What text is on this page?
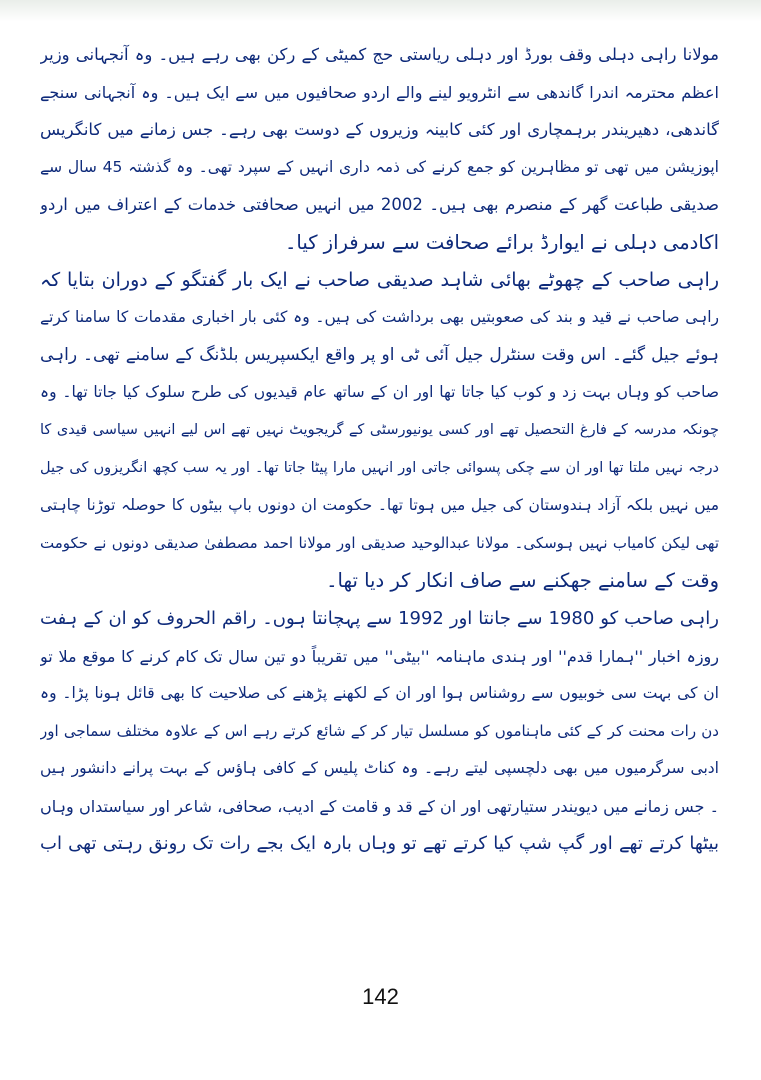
مولانا راہی دہلی وقف بورڈ اور دہلی ریاستی حج کمیٹی کے رکن بھی رہے ہیں۔ وہ آنجہانی وزیر
اعظم محترمہ اندرا گاندھی سے انٹرویو لینے والے اردو صحافیوں میں سے ایک ہیں۔ وہ آنجہانی سنجے
گاندھی، دھیریندر برہمچاری اور کئی کابینہ وزیروں کے دوست بھی رہے۔ جس زمانے میں کانگریس
اپوزیشن میں تھی تو مظاہرین کو جمع کرنے کی ذمہ داری انہیں کے سپرد تھی۔ وہ گذشتہ 45 سال سے
صدیقی طباعت گھر کے منصرم بھی ہیں۔ 2002 میں انہیں صحافتی خدمات کے اعتراف میں اردو
اکادمی دہلی نے ایوارڈ برائے صحافت سے سرفراز کیا۔
راہی صاحب کے چھوٹے بھائی شاہد صدیقی صاحب نے ایک بار گفتگو کے دوران بتایا کہ
راہی صاحب نے قید و بند کی صعوبتیں بھی برداشت کی ہیں۔ وہ کئی بار اخباری مقدمات کا سامنا کرتے
ہوئے جیل گئے۔ اس وقت سنٹرل جیل آئی ٹی او پر واقع ایکسپریس بلڈنگ کے سامنے تھی۔ راہی
صاحب کو وہاں بہت زد و کوب کیا جاتا تھا اور ان کے ساتھ عام قیدیوں کی طرح سلوک کیا جاتا تھا۔ وہ
چونکہ مدرسہ کے فارغ التحصیل تھے اور کسی یونیورسٹی کے گریجویٹ نہیں تھے اس لیے انہیں سیاسی قیدی کا
درجہ نہیں ملتا تھا اور ان سے چکی پسوائی جاتی اور انہیں مارا پیٹا جاتا تھا۔ اور یہ سب کچھ انگریزوں کی جیل
میں نہیں بلکہ آزاد ہندوستان کی جیل میں ہوتا تھا۔ حکومت ان دونوں باپ بیٹوں کا حوصلہ توڑنا چاہتی
تھی لیکن کامیاب نہیں ہوسکی۔ مولانا عبدالوحید صدیقی اور مولانا احمد مصطفیٰ صدیقی دونوں نے حکومت
وقت کے سامنے جھکنے سے صاف انکار کر دیا تھا۔
راہی صاحب کو 1980 سے جانتا اور 1992 سے پہچانتا ہوں۔ راقم الحروف کو ان کے ہفت
روزہ اخبار ''ہمارا قدم'' اور ہندی ماہنامہ ''بیٹی'' میں تقریباً دو تین سال تک کام کرنے کا موقع ملا تو
ان کی بہت سی خوبیوں سے روشناس ہوا اور ان کے لکھنے پڑھنے کی صلاحیت کا بھی قائل ہونا پڑا۔ وہ
دن رات محنت کر کے کئی ماہناموں کو مسلسل تیار کر کے شائع کرتے رہے اس کے علاوہ مختلف سماجی اور
ادبی سرگرمیوں میں بھی دلچسپی لیتے رہے۔ وہ کناٹ پلیس کے کافی ہاؤس کے بہت پرانے دانشور ہیں
۔ جس زمانے میں دیویندر ستیارتھی اور ان کے قد و قامت کے ادیب، صحافی، شاعر اور سیاستداں وہاں
بیٹھا کرتے تھے اور گپ شپ کیا کرتے تھے تو وہاں بارہ ایک بجے رات تک رونق رہتی تھی اب
142
